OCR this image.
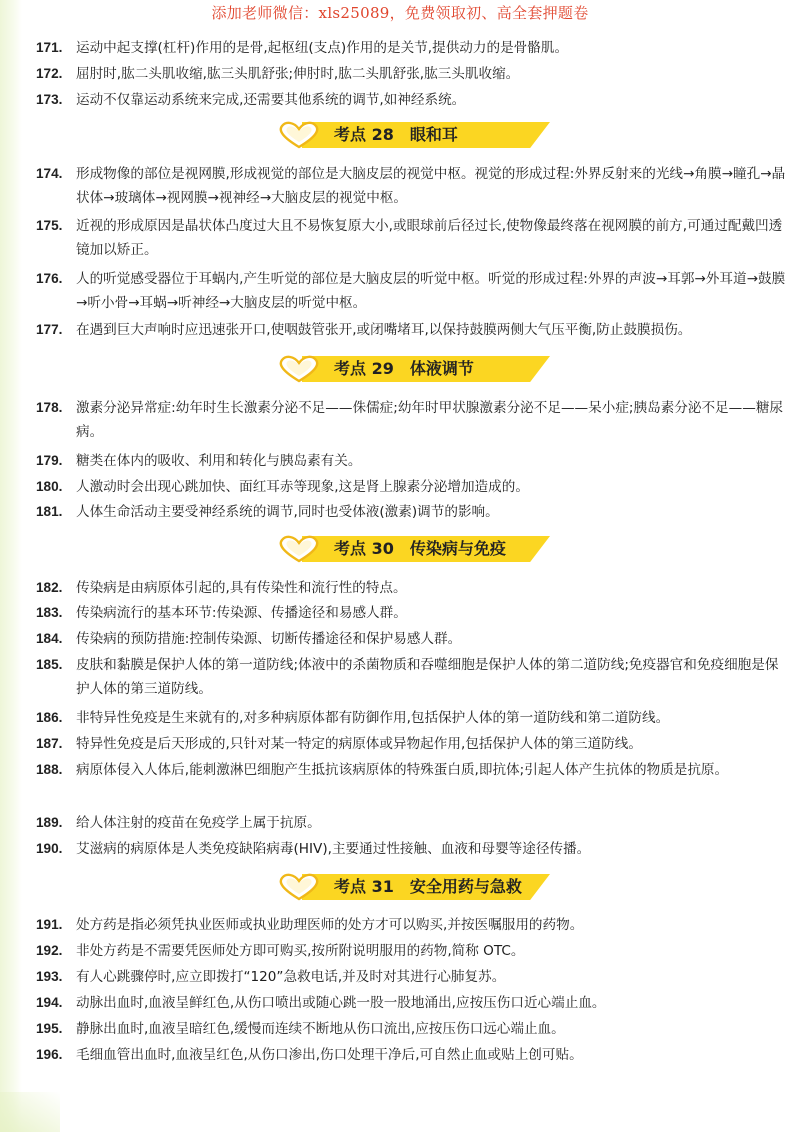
添加老师微信：xls25089，免费领取初、高全套押题卷
171. 运动中起支撑(杠杆)作用的是骨,起枢纽(支点)作用的是关节,提供动力的是骨骼肌。
172. 屈肘时,肱二头肌收缩,肱三头肌舒张;伸肘时,肱二头肌舒张,肱三头肌收缩。
173. 运动不仅靠运动系统来完成,还需要其他系统的调节,如神经系统。
考点 28　眼和耳
174. 形成物像的部位是视网膜,形成视觉的部位是大脑皮层的视觉中枢。视觉的形成过程:外界反射来的光线→角膜→瞳孔→晶状体→玻璃体→视网膜→视神经→大脑皮层的视觉中枢。
175. 近视的形成原因是晶状体凸度过大且不易恢复原大小,或眼球前后径过长,使物像最终落在视网膜的前方,可通过配戴凹透镜加以矫正。
176. 人的听觉感受器位于耳蜗内,产生听觉的部位是大脑皮层的听觉中枢。听觉的形成过程:外界的声波→耳郭→外耳道→鼓膜→听小骨→耳蜗→听神经→大脑皮层的听觉中枢。
177. 在遇到巨大声响时应迅速张开口,使咽鼓管张开,或闭嘴堵耳,以保持鼓膜两侧大气压平衡,防止鼓膜损伤。
考点 29　体液调节
178. 激素分泌异常症:幼年时生长激素分泌不足——侏儒症;幼年时甲状腺激素分泌不足——呆小症;胰岛素分泌不足——糖尿病。
179. 糖类在体内的吸收、利用和转化与胰岛素有关。
180. 人激动时会出现心跳加快、面红耳赤等现象,这是肾上腺素分泌增加造成的。
181. 人体生命活动主要受神经系统的调节,同时也受体液(激素)调节的影响。
考点 30　传染病与免疫
182. 传染病是由病原体引起的,具有传染性和流行性的特点。
183. 传染病流行的基本环节:传染源、传播途径和易感人群。
184. 传染病的预防措施:控制传染源、切断传播途径和保护易感人群。
185. 皮肤和黏膜是保护人体的第一道防线;体液中的杀菌物质和吞噬细胞是保护人体的第二道防线;免疫器官和免疫细胞是保护人体的第三道防线。
186. 非特异性免疫是生来就有的,对多种病原体都有防御作用,包括保护人体的第一道防线和第二道防线。
187. 特异性免疫是后天形成的,只针对某一特定的病原体或异物起作用,包括保护人体的第三道防线。
188. 病原体侵入人体后,能刺激淋巴细胞产生抵抗该病原体的特殊蛋白质,即抗体;引起人体产生抗体的物质是抗原。
189. 给人体注射的疫苗在免疫学上属于抗原。
190. 艾滋病的病原体是人类免疫缺陷病毒(HIV),主要通过性接触、血液和母婴等途径传播。
考点 31　安全用药与急救
191. 处方药是指必须凭执业医师或执业助理医师的处方才可以购买,并按医嘱服用的药物。
192. 非处方药是不需要凭医师处方即可购买,按所附说明服用的药物,简称 OTC。
193. 有人心跳骤停时,应立即拨打“120”急救电话,并及时对其进行心肺复苏。
194. 动脉出血时,血液呈鲜红色,从伤口喷出或随心跳一股一股地涌出,应按压伤口近心端止血。
195. 静脉出血时,血液呈暗红色,缓慢而连续不断地从伤口流出,应按压伤口远心端止血。
196. 毛细血管出血时,血液呈红色,从伤口渗出,伤口处理干净后,可自然止血或贴上创可贴。
